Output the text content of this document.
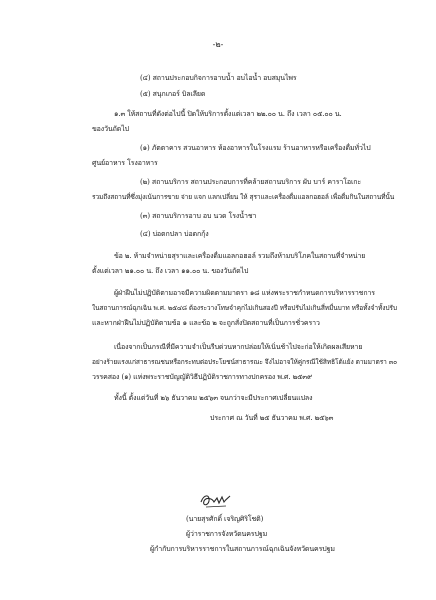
-๒-
(๔) สถานประกอบกิจการอาบน้ำ อบไอน้ำ อบสมุนไพร
(๕) สนุกเกอร์ บิลเลียด
๑.๓ ให้สถานที่ดังต่อไปนี้ ปิดให้บริการตั้งแต่เวลา ๒๒.๐๐ น. ถึง เวลา ๐๕.๐๐ น.
ของวันถัดไป
(๑) ภัตตาคาร สวนอาหาร ห้องอาหารในโรงแรม ร้านอาหารหรือเครื่องดื่มทั่วไป
ศูนย์อาหาร โรงอาหาร
(๒) สถานบริการ สถานประกอบการที่คล้ายสถานบริการ ผับ บาร์ คาราโอเกะ
รวมถึงสถานที่ซึ่งมุ่งเน้นการขาย จ่าย แจก แลกเปลี่ยน ให้ สุราและเครื่องดื่มแอลกอฮอล์ เพื่อดื่มกินในสถานที่นั้น
(๓) สถานบริการอาบ อบ นวด โรงน้ำชา
(๔) บ่อตกปลา บ่อตกกุ้ง
ข้อ ๒. ห้ามจำหน่ายสุราและเครื่องดื่มแอลกอฮอล์ รวมถึงห้ามบริโภคในสถานที่จำหน่าย
ตั้งแต่เวลา ๒๑.๐๐ น. ถึง เวลา ๑๑.๐๐ น. ของวันถัดไป
ผู้ฝ่าฝืนไม่ปฏิบัติตามอาจมีความผิดตามมาตรา ๑๘ แห่งพระราชกำหนดการบริหารราชการ
ในสถานการณ์ฉุกเฉิน พ.ศ. ๒๕๔๘ ต้องระวางโทษจำคุกไม่เกินสองปี หรือปรับไม่เกินสี่หมื่นบาท หรือทั้งจำทั้งปรับ
และหากฝ่าฝืนไม่ปฏิบัติตามข้อ ๑ และข้อ ๒ จะถูกสั่งปิดสถานที่เป็นการชั่วคราว
เนื่องจากเป็นกรณีที่มีความจำเป็นรีบด่วนหากปล่อยให้เนิ่นช้าไปจะก่อให้เกิดผลเสียหาย
อย่างร้ายแรงแก่สาธารณชนหรือกระทบต่อประโยชน์สาธารณะ จึงไม่อาจให้คู่กรณีใช้สิทธิโต้แย้ง ตามมาตรา ๓๐
วรรคสอง (๑) แห่งพระราชบัญญัติวิธีปฏิบัติราชการทางปกครอง พ.ศ. ๒๕๓๙
ทั้งนี้ ตั้งแต่วันที่ ๒๖ ธันวาคม ๒๕๖๓ จนกว่าจะมีประกาศเปลี่ยนแปลง
ประกาศ ณ วันที่ ๒๕ ธันวาคม พ.ศ. ๒๕๖๓
(นายสุรศักดิ์ เจริญศิริโชติ)
ผู้ว่าราชการจังหวัดนครปฐม
ผู้กำกับการบริหารราชการในสถานการณ์ฉุกเฉินจังหวัดนครปฐม
